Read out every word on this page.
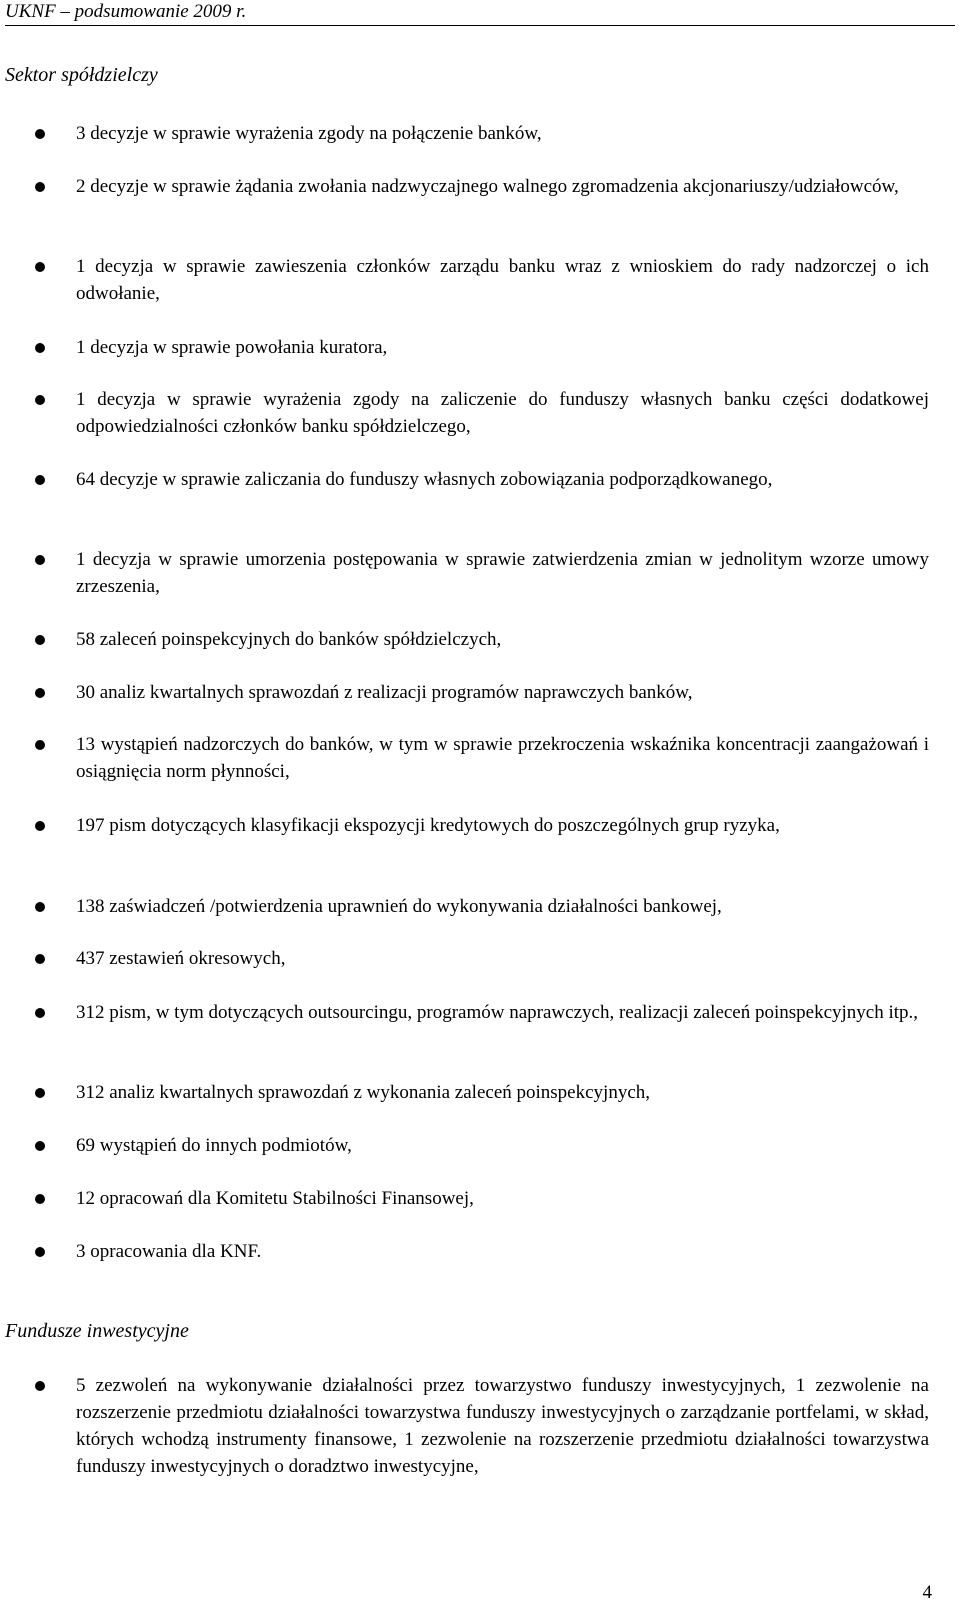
UKNF – podsumowanie 2009 r.
Sektor spółdzielczy
3 decyzje w sprawie wyrażenia zgody na połączenie banków,
2 decyzje w sprawie żądania zwołania nadzwyczajnego walnego zgromadzenia akcjonariuszy/udziałowców,
1 decyzja w sprawie zawieszenia członków zarządu banku wraz z wnioskiem do rady nadzorczej o ich odwołanie,
1 decyzja w sprawie powołania kuratora,
1 decyzja w sprawie wyrażenia zgody na zaliczenie do funduszy własnych banku części dodatkowej odpowiedzialności członków banku spółdzielczego,
64 decyzje w sprawie zaliczania do funduszy własnych zobowiązania podporządkowanego,
1 decyzja w sprawie umorzenia postępowania w sprawie zatwierdzenia zmian w jednolitym wzorze umowy zrzeszenia,
58 zaleceń poinspekcyjnych do banków spółdzielczych,
30 analiz kwartalnych sprawozdań z realizacji programów naprawczych banków,
13 wystąpień nadzorczych do banków, w tym w sprawie przekroczenia wskaźnika koncentracji zaangażowań i osiągnięcia norm płynności,
197 pism dotyczących klasyfikacji ekspozycji kredytowych do poszczególnych grup ryzyka,
138 zaświadczeń /potwierdzenia uprawnień do wykonywania działalności bankowej,
437 zestawień okresowych,
312 pism, w tym dotyczących outsourcingu, programów naprawczych, realizacji zaleceń poinspekcyjnych itp.,
312 analiz kwartalnych sprawozdań z wykonania zaleceń poinspekcyjnych,
69 wystąpień do innych podmiotów,
12 opracowań dla Komitetu Stabilności Finansowej,
3 opracowania dla KNF.
Fundusze inwestycyjne
5 zezwoleń na wykonywanie działalności przez towarzystwo funduszy inwestycyjnych, 1 zezwolenie na rozszerzenie przedmiotu działalności towarzystwa funduszy inwestycyjnych o zarządzanie portfelami, w skład, których wchodzą instrumenty finansowe, 1 zezwolenie na rozszerzenie przedmiotu działalności towarzystwa funduszy inwestycyjnych o doradztwo inwestycyjne,
4
